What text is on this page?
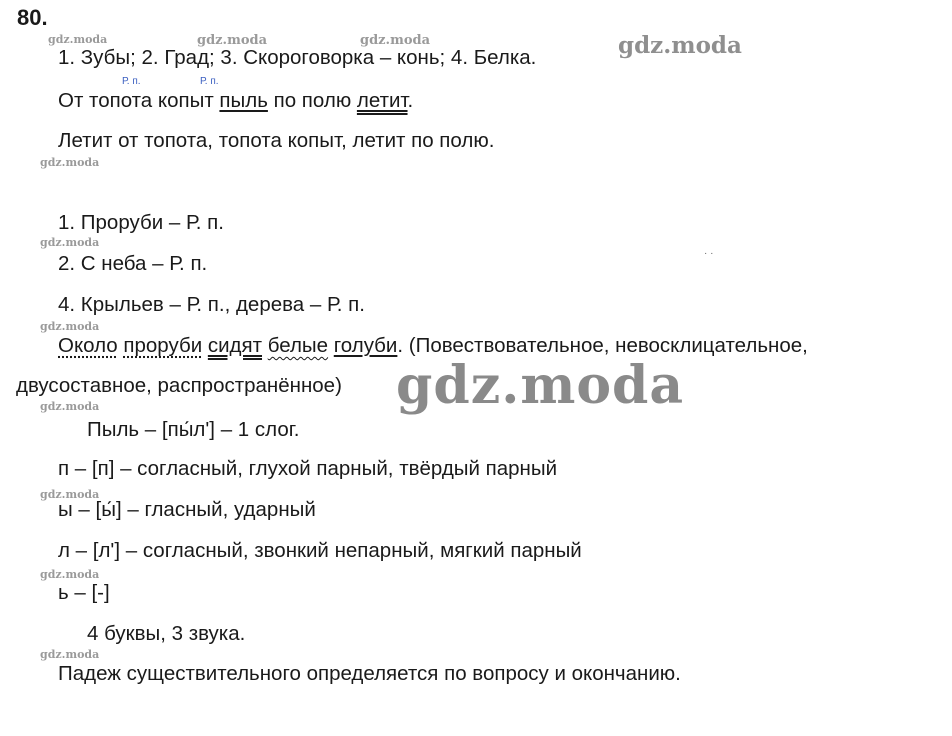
80.
gdz.moda	gdz.moda	gdz.moda	gdz.moda
gdz.moda
gdz.moda
gdz.moda
gdz.moda
gdz.moda
gdz.moda
gdz.moda
gdz.moda
1. Зубы; 2. Град; 3. Скороговорка – конь; 4. Белка.
Р. п.	Р. п.
От топота копыт пыль по полю летит.
Летит от топота, топота копыт, летит по полю.
1. Проруби – Р. п.
2. С неба – Р. п.
4. Крыльев – Р. п., дерева – Р. п.
· ·
Около проруби сидят белые голуби. (Повествовательное, невосклицательное,
двусоставное, распространённое)
Пыль – [пы́л'] – 1 слог.
п – [п] – согласный, глухой парный, твёрдый парный
ы – [ы́] – гласный, ударный
л – [л'] – согласный, звонкий непарный, мягкий парный
ь – [-]
4 буквы, 3 звука.
Падеж существительного определяется по вопросу и окончанию.
